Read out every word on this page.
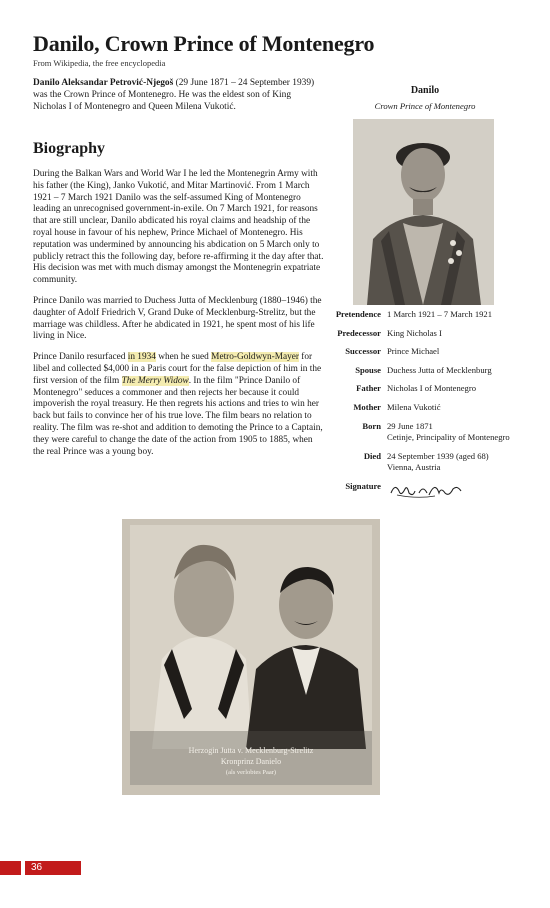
Danilo, Crown Prince of Montenegro
From Wikipedia, the free encyclopedia
Danilo Aleksandar Petrović-Njegoš (29 June 1871 – 24 September 1939) was the Crown Prince of Montenegro. He was the eldest son of King Nicholas I of Montenegro and Queen Milena Vukotić.
Biography

During the Balkan Wars and World War I he led the Montenegrin Army with his father (the King), Janko Vukotić, and Mitar Martinović. From 1 March 1921 – 7 March 1921 Danilo was the self-assumed King of Montenegro leading an unrecognised government-in-exile. On 7 March 1921, for reasons that are still unclear, Danilo abdicated his royal claims and headship of the royal house in favour of his nephew, Prince Michael of Montenegro. His reputation was undermined by announcing his abdication on 5 March only to publicly retract this the following day, before re-affirming it the day after that. His decision was met with much dismay amongst the Montenegrin expatriate community.

Prince Danilo was married to Duchess Jutta of Mecklenburg (1880–1946) the daughter of Adolf Friedrich V, Grand Duke of Mecklenburg-Strelitz, but the marriage was childless. After he abdicated in 1921, he spent most of his life living in Nice.

Prince Danilo resurfaced in 1934 when he sued Metro-Goldwyn-Mayer for libel and collected $4,000 in a Paris court for the false depiction of him in the first version of the film The Merry Widow. In the film "Prince Danilo of Montenegro" seduces a commoner and then rejects her because it could impoverish the royal treasury. He then regrets his actions and tries to win her back but fails to convince her of his true love. The film bears no relation to reality. The film was re-shot and addition to demoting the Prince to a Captain, they were careful to change the date of the action from 1905 to 1885, when the real Prince was a young boy.

Danilo
Crown Prince of Montenegro
Pretendence 1 March 1921 – 7 March 1921
Predecessor King Nicholas I
Successor Prince Michael
Spouse Duchess Jutta of Mecklenburg
Father Nicholas I of Montenegro
Mother Milena Vukotić
Born 29 June 1871
Cetinje, Principality of Montenegro
Died 24 September 1939 (aged 68)
Vienna, Austria
Signature
Herzogin Jutta v. Mecklenburg-Strelitz
Kronprinz Danielo
(als verlobtes Paar)
36
